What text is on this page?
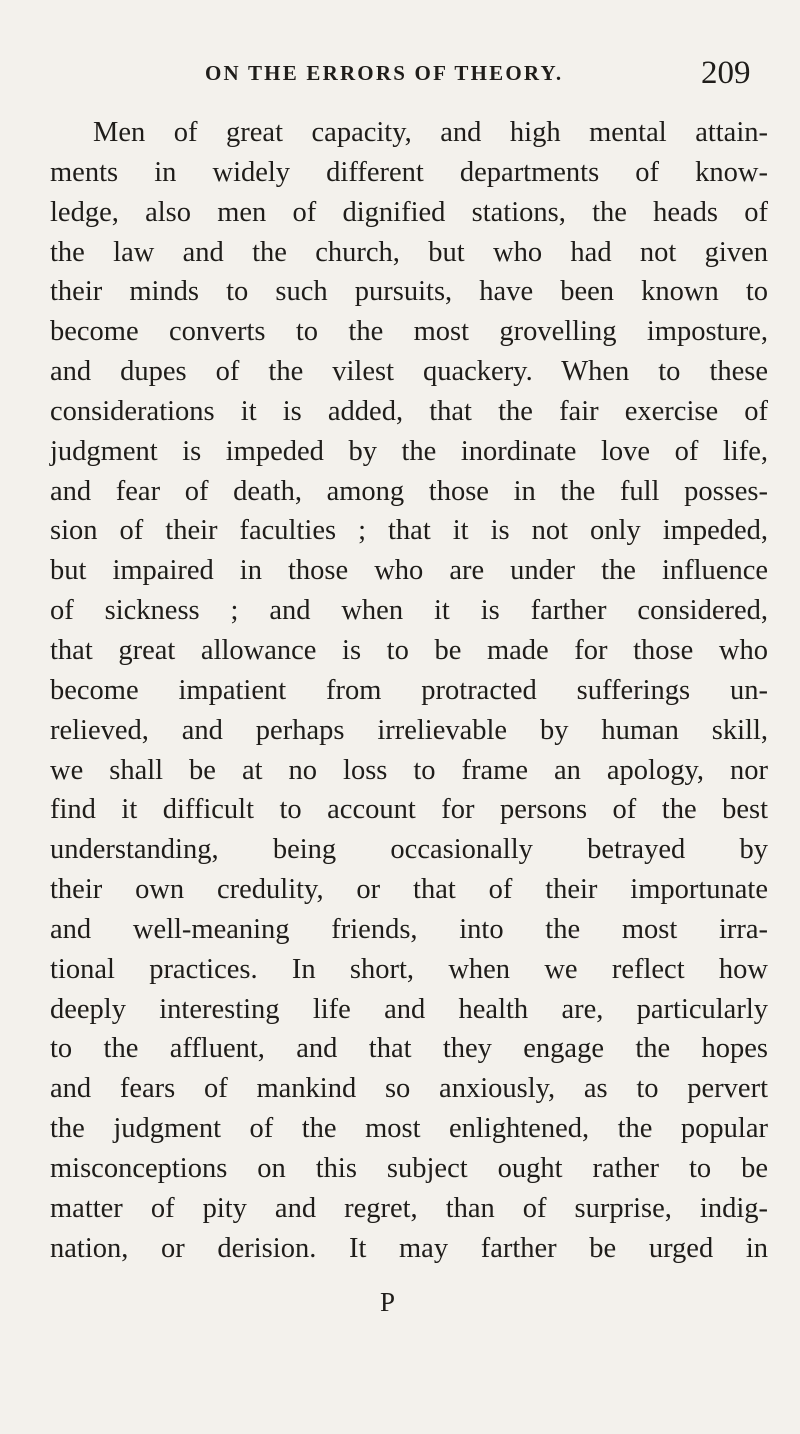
ON THE ERRORS OF THEORY.	209
Men of great capacity, and high mental attain-
ments in widely different departments of know-
ledge, also men of dignified stations, the heads of
the law and the church, but who had not given
their minds to such pursuits, have been known to
become converts to the most grovelling imposture,
and dupes of the vilest quackery. When to these
considerations it is added, that the fair exercise of
judgment is impeded by the inordinate love of life,
and fear of death, among those in the full posses-
sion of their faculties ; that it is not only impeded,
but impaired in those who are under the influence
of sickness ; and when it is farther considered,
that great allowance is to be made for those who
become impatient from protracted sufferings un-
relieved, and perhaps irrelievable by human skill,
we shall be at no loss to frame an apology, nor
find it difficult to account for persons of the best
understanding, being occasionally betrayed by
their own credulity, or that of their importunate
and well-meaning friends, into the most irra-
tional practices. In short, when we reflect how
deeply interesting life and health are, particularly
to the affluent, and that they engage the hopes
and fears of mankind so anxiously, as to pervert
the judgment of the most enlightened, the popular
misconceptions on this subject ought rather to be
matter of pity and regret, than of surprise, indig-
nation, or derision. It may farther be urged in
P
